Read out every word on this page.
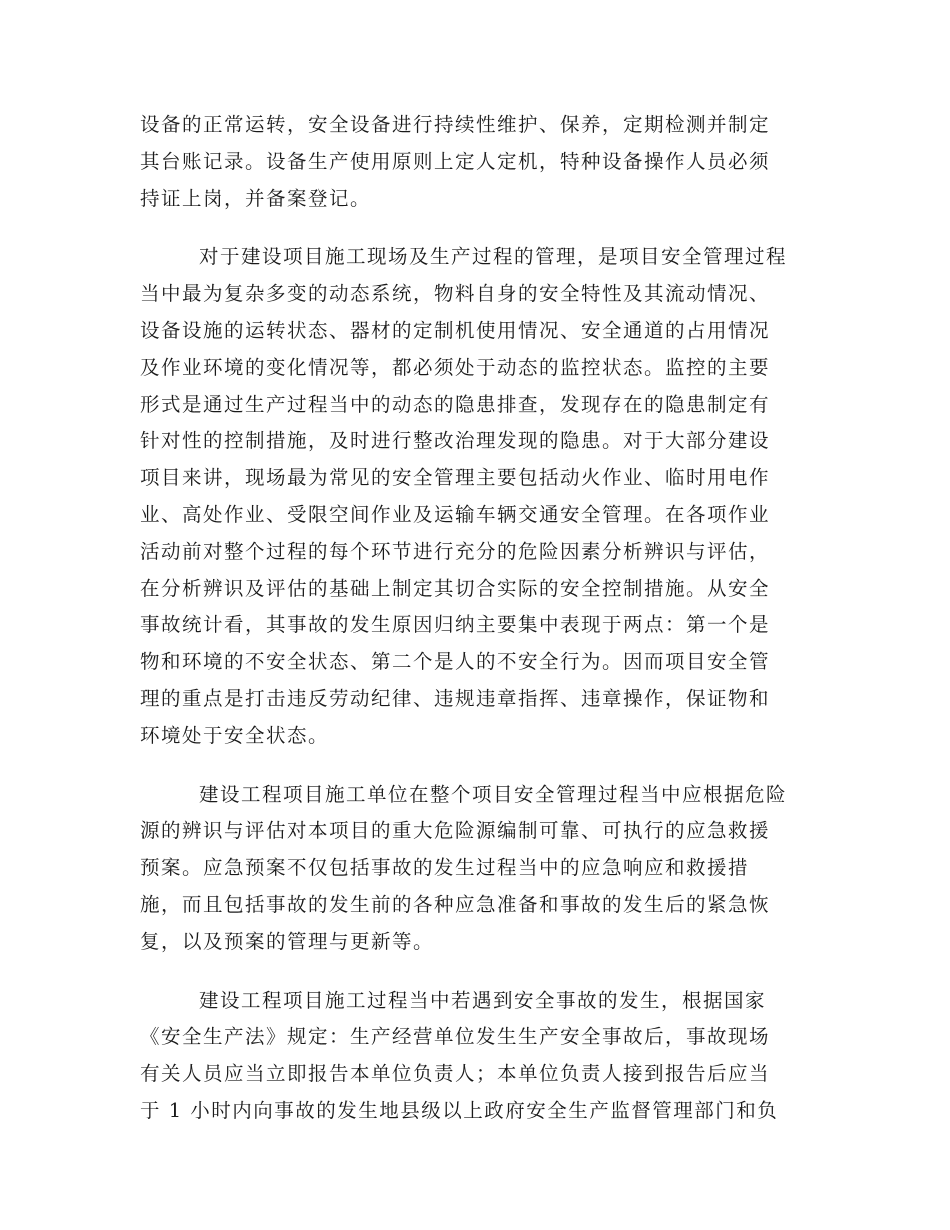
设备的正常运转，安全设备进行持续性维护、保养，定期检测并制定
其台账记录。设备生产使用原则上定人定机，特种设备操作人员必须
持证上岗，并备案登记。

对于建设项目施工现场及生产过程的管理，是项目安全管理过程
当中最为复杂多变的动态系统，物料自身的安全特性及其流动情况、
设备设施的运转状态、器材的定制机使用情况、安全通道的占用情况
及作业环境的变化情况等，都必须处于动态的监控状态。监控的主要
形式是通过生产过程当中的动态的隐患排查，发现存在的隐患制定有
针对性的控制措施，及时进行整改治理发现的隐患。对于大部分建设
项目来讲，现场最为常见的安全管理主要包括动火作业、临时用电作
业、高处作业、受限空间作业及运输车辆交通安全管理。在各项作业
活动前对整个过程的每个环节进行充分的危险因素分析辨识与评估，
在分析辨识及评估的基础上制定其切合实际的安全控制措施。从安全
事故统计看，其事故的发生原因归纳主要集中表现于两点：第一个是
物和环境的不安全状态、第二个是人的不安全行为。因而项目安全管
理的重点是打击违反劳动纪律、违规违章指挥、违章操作，保证物和
环境处于安全状态。

建设工程项目施工单位在整个项目安全管理过程当中应根据危险
源的辨识与评估对本项目的重大危险源编制可靠、可执行的应急救援
预案。应急预案不仅包括事故的发生过程当中的应急响应和救援措
施，而且包括事故的发生前的各种应急准备和事故的发生后的紧急恢
复，以及预案的管理与更新等。

建设工程项目施工过程当中若遇到安全事故的发生，根据国家
《安全生产法》规定：生产经营单位发生生产安全事故后，事故现场
有关人员应当立即报告本单位负责人；本单位负责人接到报告后应当
于 1 小时内向事故的发生地县级以上政府安全生产监督管理部门和负
